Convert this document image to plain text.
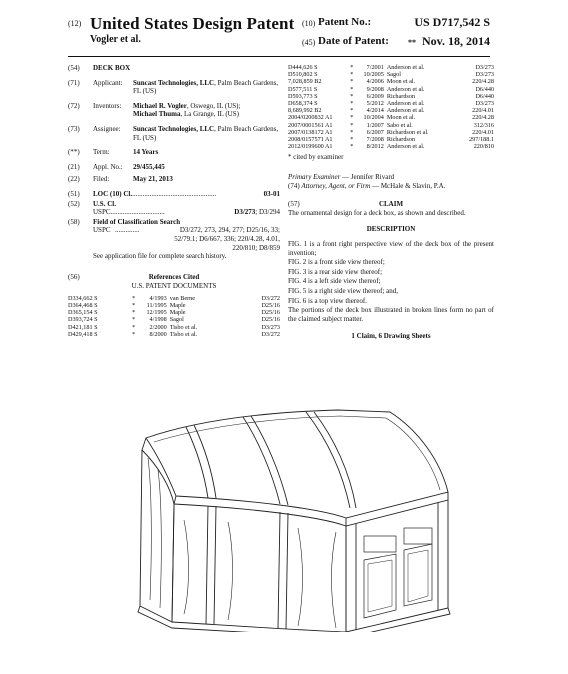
(12) United States Design Patent
Vogler et al.
(10) Patent No.:	US D717,542 S
(45) Date of Patent: ** Nov. 18, 2014
(54)	DECK BOX
(71)	Applicant:	Suncast Technologies, LLC, Palm Beach Gardens, FL (US)
(72)	Inventors:	Michael R. Vogler, Oswego, IL (US);
Michael Thuma, La Grange, IL (US)
(73)	Assignee:	Suncast Technologies, LLC, Palm Beach Gardens, FL (US)
(**)	Term:	14 Years
(21)	Appl. No.:	29/455,445
(22)	Filed:	May 21, 2013
(51)	LOC (10) Cl. ................................................	03-01
(52)	U.S. Cl.
USPC ...............................	D3/273; D3/294
(58)	Field of Classification Search
USPC ..............	D3/272, 273, 294, 277; D25/16, 33; 52/79.1; D6/667, 336; 220/4.28, 4.01, 220/810; D8/859
See application file for complete search history.
(56)	References Cited
U.S. PATENT DOCUMENTS
D334,662 S	*	4/1993	van Berne	D3/272
D364,468 S	*	11/1995	Maple	D25/16
D365,154 S	*	12/1995	Maple	D25/16
D393,724 S	*	4/1998	Sagol	D25/16
D421,181 S	*	2/2000	Tisbo et al.	D3/273
D429,418 S	*	8/2000	Tisbo et al.	D3/272
D444,626 S	*	7/2001	Anderson et al.	D3/273
D510,802 S	*	10/2005	Sagol	D3/273
7,028,859 B2	*	4/2006	Moon et al.	220/4.28
D577,511 S	*	9/2008	Anderson et al.	D6/440
D593,773 S	*	6/2009	Richardson	D6/440
D658,374 S	*	5/2012	Anderson et al.	D3/273
8,689,992 B2	*	4/2014	Anderson et al.	220/4.01
2004/0200832 A1	*	10/2004	Moon et al.	220/4.28
2007/0001561 A1	*	1/2007	Sabo et al.	312/316
2007/0138172 A1	*	6/2007	Richardson et al.	220/4.01
2008/0157571 A1	*	7/2008	Richardson	297/188.1
2012/0199600 A1	*	8/2012	Anderson et al.	220/810
* cited by examiner
Primary Examiner — Jennifer Rivard
(74) Attorney, Agent, or Firm — McHale & Slavin, P.A.
(57)	CLAIM
The ornamental design for a deck box, as shown and described.
DESCRIPTION
FIG. 1 is a front right perspective view of the deck box of the present invention;
FIG. 2 is a front side view thereof;
FIG. 3 is a rear side view thereof;
FIG. 4 is a left side view thereof;
FIG. 5 is a right side view thereof; and,
FIG. 6 is a top view thereof.
The portions of the deck box illustrated in broken lines form no part of the claimed subject matter.
1 Claim, 6 Drawing Sheets
